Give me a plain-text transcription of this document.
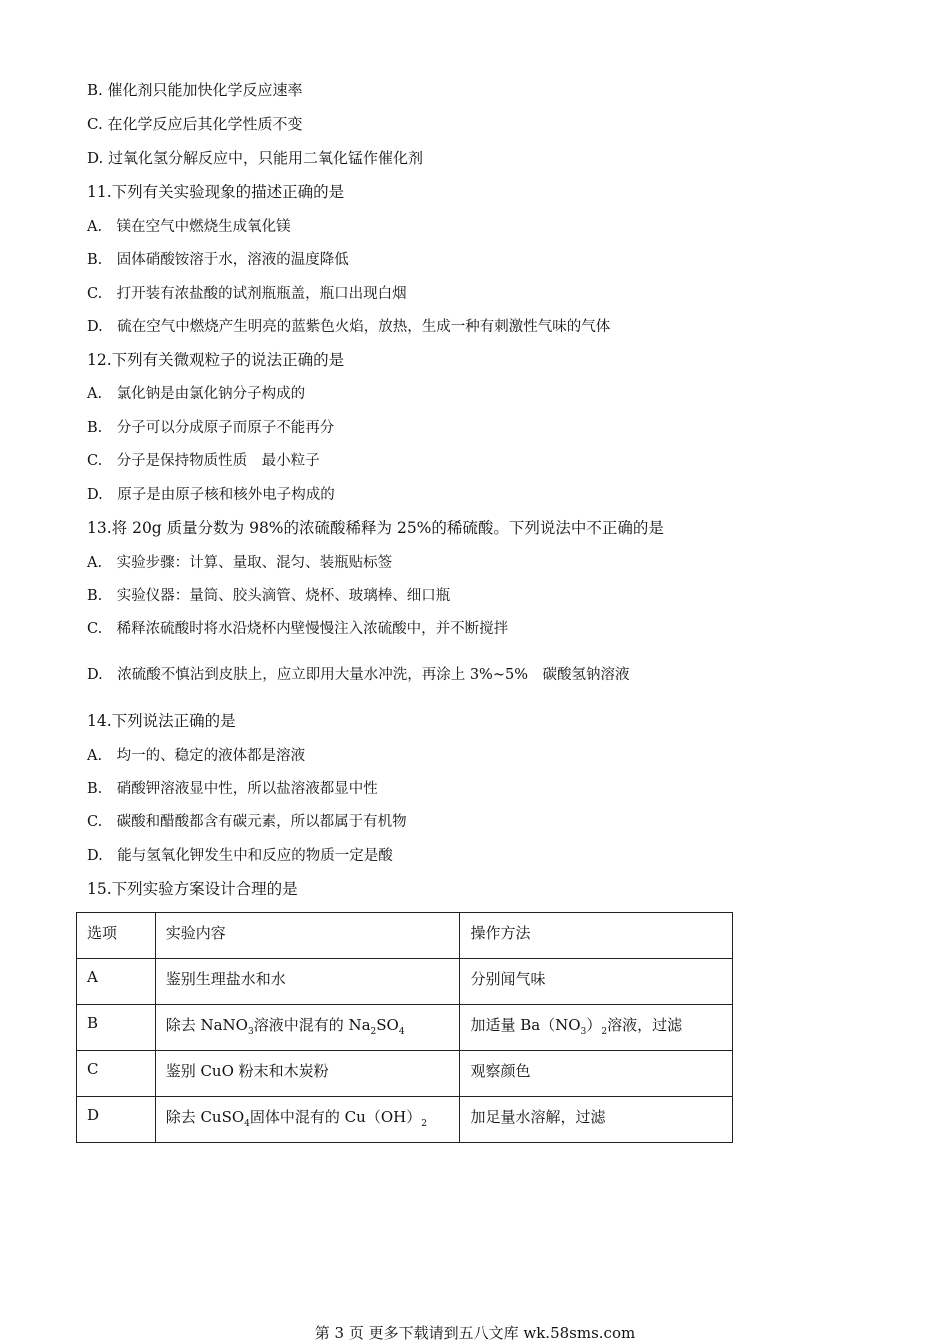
B. 催化剂只能加快化学反应速率
C. 在化学反应后其化学性质不变
D. 过氧化氢分解反应中，只能用二氧化锰作催化剂
11.下列有关实验现象的描述正确的是
A.　镁在空气中燃烧生成氧化镁
B.　固体硝酸铵溶于水，溶液的温度降低
C.　打开装有浓盐酸的试剂瓶瓶盖，瓶口出现白烟
D.　硫在空气中燃烧产生明亮的蓝紫色火焰，放热，生成一种有刺激性气味的气体
12.下列有关微观粒子的说法正确的是
A.　氯化钠是由氯化钠分子构成的
B.　分子可以分成原子而原子不能再分
C.　分子是保持物质性质　最小粒子
D.　原子是由原子核和核外电子构成的
13.将 20g 质量分数为 98%的浓硫酸稀释为 25%的稀硫酸。下列说法中不正确的是
A.　实验步骤：计算、量取、混匀、装瓶贴标签
B.　实验仪器：量筒、胶头滴管、烧杯、玻璃棒、细口瓶
C.　稀释浓硫酸时将水沿烧杯内壁慢慢注入浓硫酸中，并不断搅拌
D.　浓硫酸不慎沾到皮肤上，应立即用大量水冲洗，再涂上 3%~5%　碳酸氢钠溶液
14.下列说法正确的是
A.　均一的、稳定的液体都是溶液
B.　硝酸钾溶液显中性，所以盐溶液都显中性
C.　碳酸和醋酸都含有碳元素，所以都属于有机物
D.　能与氢氧化钾发生中和反应的物质一定是酸
15.下列实验方案设计合理的是
选项	实验内容	操作方法
A	鉴别生理盐水和水	分别闻气味
B	除去 NaNO$_3$溶液中混有的 $Na_2SO_4$	加适量 $Ba(NO_3)_2$溶液，过滤
C	鉴别 CuO 粉末和木炭粉	观察颜色
D	除去 CuSO$_4$固体中混有的 $Cu(OH)_2$	加足量水溶解，过滤
第 3 页 更多下载请到五八文库 wk.58sms.com
